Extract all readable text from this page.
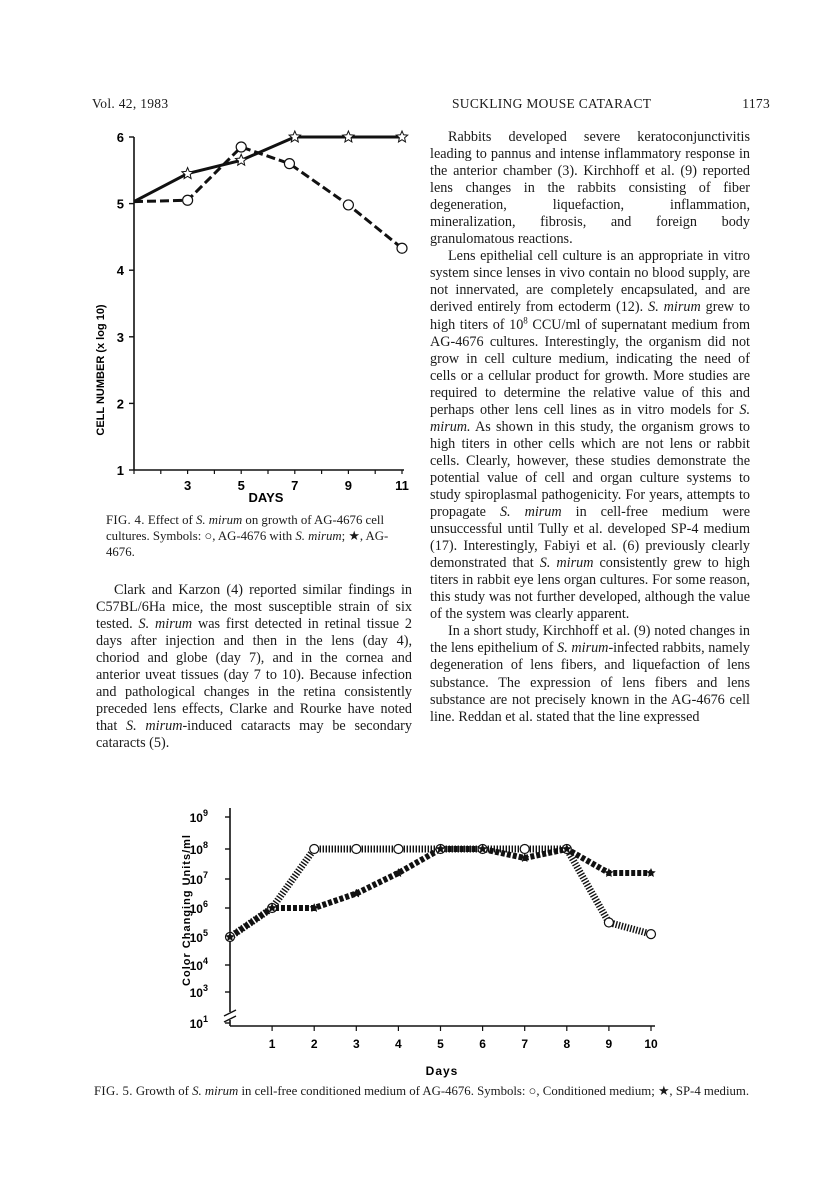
Vol. 42, 1983	SUCKLING MOUSE CATARACT	1173
1
2
3
4
5
6
3	5	7	9	11
DAYS
CELL NUMBER (x log 10)
FIG. 4. Effect of S. mirum on growth of AG-4676 cell cultures. Symbols: ○, AG-4676 with S. mirum; ★, AG-4676.

Rabbits developed severe keratoconjunctivitis leading to pannus and intense inflammatory response in the anterior chamber (3). Kirchhoff et al. (9) reported lens changes in the rabbits consisting of fiber degeneration, liquefaction, inflammation, mineralization, fibrosis, and foreign body granulomatous reactions.

Lens epithelial cell culture is an appropriate in vitro system since lenses in vivo contain no blood supply, are not innervated, are completely encapsulated, and are derived entirely from ectoderm (12). S. mirum grew to high titers of $10^8$ CCU/ml of supernatant medium from AG-4676 cultures. Interestingly, the organism did not grow in cell culture medium, indicating the need of cells or a cellular product for growth. More studies are required to determine the relative value of this and perhaps other lens cell lines as in vitro models for S. mirum. As shown in this study, the organism grows to high titers in other cells which are not lens or rabbit cells. Clearly, however, these studies demonstrate the potential value of cell and organ culture systems to study spiroplasmal pathogenicity. For years, attempts to propagate S. mirum in cell-free medium were unsuccessful until Tully et al. developed SP-4 medium (17). Interestingly, Fabiyi et al. (6) previously clearly demonstrated that S. mirum consistently grew to high titers in rabbit eye lens organ cultures. For some reason, this study was not further developed, although the value of the system was clearly apparent.

In a short study, Kirchhoff et al. (9) noted changes in the lens epithelium of S. mirum-infected rabbits, namely degeneration of lens fibers, and liquefaction of lens substance. The expression of lens fibers and lens substance are not precisely known in the AG-4676 cell line. Reddan et al. stated that the line expressed

Clark and Karzon (4) reported similar findings in C57BL/6Ha mice, the most susceptible strain of six tested. S. mirum was first detected in retinal tissue 2 days after injection and then in the lens (day 4), choriod and globe (day 7), and in the cornea and anterior uveat tissues (day 7 to 10). Because infection and pathological changes in the retina consistently preceded lens effects, Clarke and Rourke have noted that S. mirum-induced cataracts may be secondary cataracts (5).

$10^1$
$10^3$
$10^4$
$10^5$
$10^6$
$10^7$
$10^8$
$10^9$
1	2	3	4	5	6	7	8	9	10
Days
Color Changing Units/ml
FIG. 5. Growth of S. mirum in cell-free conditioned medium of AG-4676. Symbols: ○, Conditioned medium; ★, SP-4 medium.
